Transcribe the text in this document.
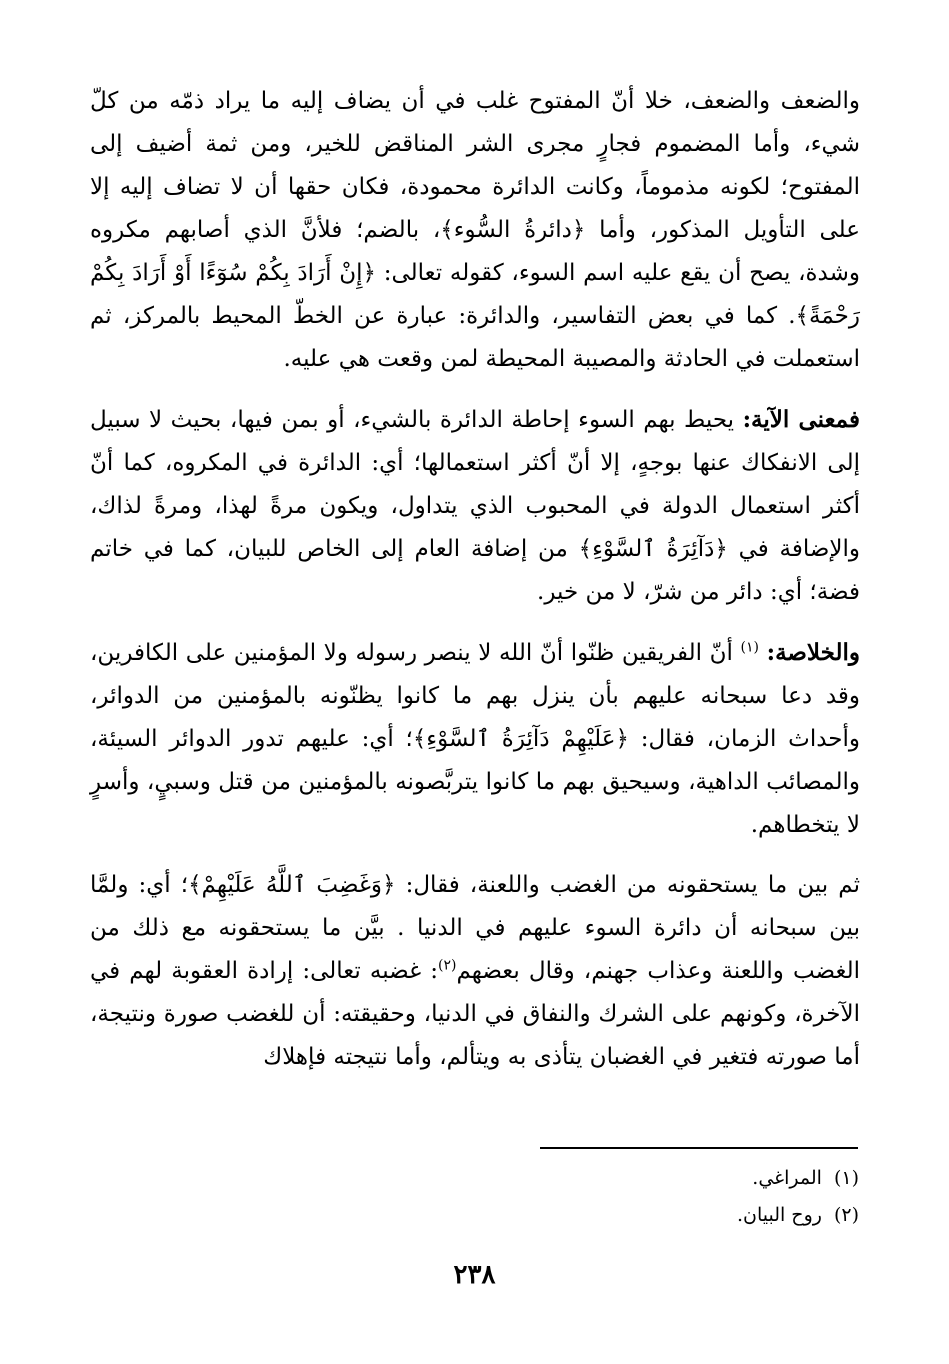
والضعف والضعف، خلا أنّ المفتوح غلب في أن يضاف إليه ما يراد ذمّه من كلّ شيء، وأما المضموم فجارٍ مجرى الشر المناقض للخير، ومن ثمة أضيف إلى المفتوح؛ لكونه مذموماً، وكانت الدائرة محمودة، فكان حقها أن لا تضاف إليه إلا على التأويل المذكور، وأما ﴿دائرةُ السُّوء﴾، بالضم؛ فلأنَّ الذي أصابهم مكروه وشدة، يصح أن يقع عليه اسم السوء، كقوله تعالى: ﴿إِنْ أَرَادَ بِكُمْ سُوٓءًا أَوْ أَرَادَ بِكُمْ رَحْمَةً﴾. كما في بعض التفاسير، والدائرة: عبارة عن الخطّ المحيط بالمركز، ثم استعملت في الحادثة والمصيبة المحيطة لمن وقعت هي عليه.

فمعنى الآية: يحيط بهم السوء إحاطة الدائرة بالشيء، أو بمن فيها، بحيث لا سبيل إلى الانفكاك عنها بوجهٍ، إلا أنّ أكثر استعمالها؛ أي: الدائرة في المكروه، كما أنّ أكثر استعمال الدولة في المحبوب الذي يتداول، ويكون مرةً لهذا، ومرةً لذاك، والإضافة في ﴿دَآئِرَةُ ٱلسَّوْءِ﴾ من إضافة العام إلى الخاص للبيان، كما في خاتم فضة؛ أي: دائر من شرّ، لا من خير.

والخلاصة: $^{(١)}$ أنّ الفريقين ظنّوا أنّ الله لا ينصر رسوله ولا المؤمنين على الكافرين، وقد دعا سبحانه عليهم بأن ينزل بهم ما كانوا يظنّونه بالمؤمنين من الدوائر، وأحداث الزمان، فقال: ﴿عَلَيْهِمْ دَآئِرَةُ ٱلسَّوْءِ﴾؛ أي: عليهم تدور الدوائر السيئة، والمصائب الداهية، وسيحيق بهم ما كانوا يتربَّصونه بالمؤمنين من قتل وسبيٍ، وأسرٍ لا يتخطاهم.

ثم بين ما يستحقونه من الغضب واللعنة، فقال: ﴿وَغَضِبَ ٱللَّهُ عَلَيْهِمْ﴾؛ أي: ولمَّا بين سبحانه أن دائرة السوء عليهم في الدنيا . بيَّن ما يستحقونه مع ذلك من الغضب واللعنة وعذاب جهنم، وقال بعضهم$^{(٢)}$: غضبه تعالى: إرادة العقوبة لهم في الآخرة، وكونهم على الشرك والنفاق في الدنيا، وحقيقته: أن للغضب صورة ونتيجة، أما صورته فتغير في الغضبان يتأذى به ويتألم، وأما نتيجته فإهلاك

(١)المراغي.

(٢)روح البيان.

٢٣٨
